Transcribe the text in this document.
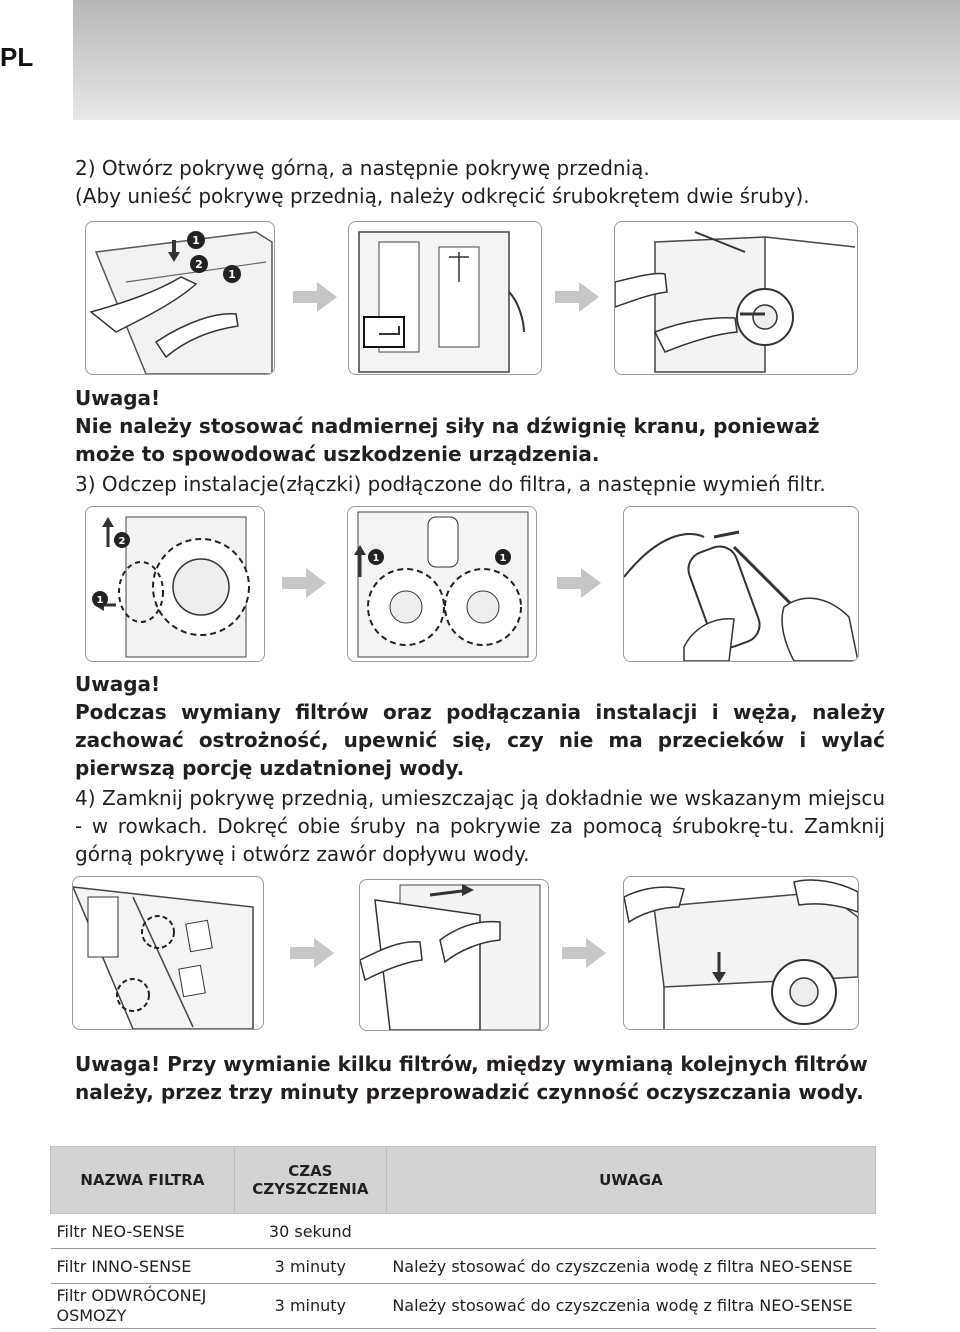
PL

2) Otwórz pokrywę górną, a następnie pokrywę przednią.

(Aby unieść pokrywę przednią, należy odkręcić śrubokrętem dwie śruby).

1
2
1

Uwaga!

Nie należy stosować nadmiernej siły na dźwignię kranu, ponieważ może to spowodować uszkodzenie urządzenia.

3) Odczep instalacje(złączki) podłączone do filtra, a następnie wymień filtr.

2
1
1	1

Uwaga!

Podczas wymiany filtrów oraz podłączania instalacji i węża, należy zachować ostrożność, upewnić się, czy nie ma przecieków i wylać pierwszą porcję uzdatnionej wody.

4) Zamknij pokrywę przednią, umieszczając ją dokładnie we wskazanym miejscu - w rowkach. Dokręć obie śruby na pokrywie za pomocą śrubokrę-tu. Zamknij górną pokrywę i otwórz zawór dopływu wody.

Uwaga! Przy wymianie kilku filtrów, między wymianą kolejnych filtrów należy, przez trzy minuty przeprowadzić czynność oczyszczania wody.

NAZWA FILTRA	CZAS CZYSZCZENIA	UWAGA
Filtr NEO-SENSE	30 sekund	
Filtr INNO-SENSE	3 minuty	Należy stosować do czyszczenia wodę z filtra NEO-SENSE
Filtr ODWRÓCONEJ OSMOZY	3 minuty	Należy stosować do czyszczenia wodę z filtra NEO-SENSE
